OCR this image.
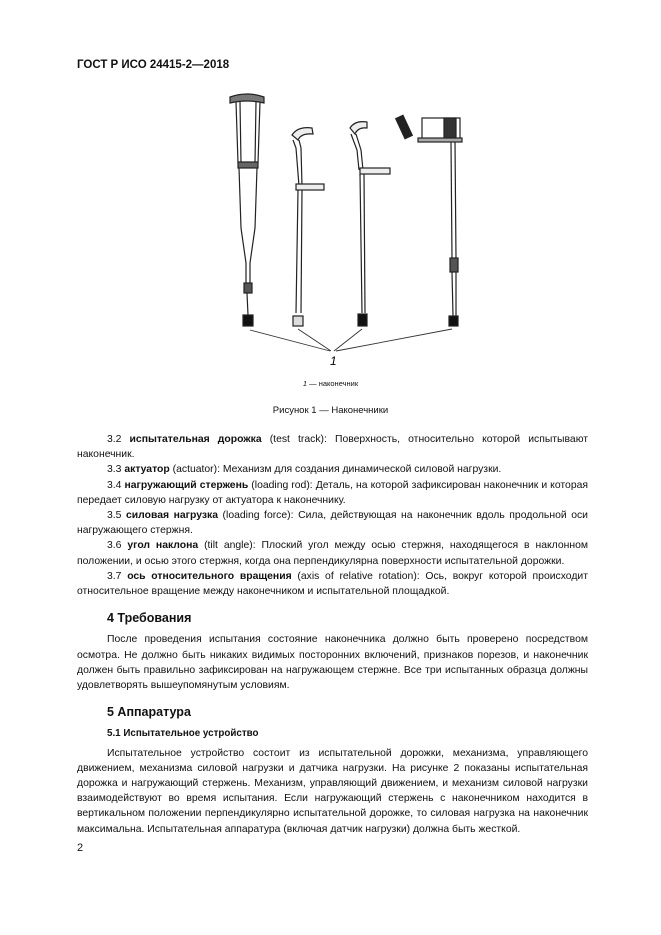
ГОСТ Р ИСО 24415-2—2018
1
1 — наконечник
Рисунок 1 — Наконечники

3.2 испытательная дорожка (test track): Поверхность, относительно которой испытывают наконечник.

3.3 актуатор (actuator): Механизм для создания динамической силовой нагрузки.

3.4 нагружающий стержень (loading rod): Деталь, на которой зафиксирован наконечник и которая передает силовую нагрузку от актуатора к наконечнику.

3.5 силовая нагрузка (loading force): Сила, действующая на наконечник вдоль продольной оси нагружающего стержня.

3.6 угол наклона (tilt angle): Плоский угол между осью стержня, находящегося в наклонном положении, и осью этого стержня, когда она перпендикулярна поверхности испытательной дорожки.

3.7 ось относительного вращения (axis of relative rotation): Ось, вокруг которой происходит относительное вращение между наконечником и испытательной площадкой.

4 Требования

После проведения испытания состояние наконечника должно быть проверено посредством осмотра. Не должно быть никаких видимых посторонних включений, признаков порезов, и наконечник должен быть правильно зафиксирован на нагружающем стержне. Все три испытанных образца должны удовлетворять вышеупомянутым условиям.

5 Аппаратура
5.1 Испытательное устройство

Испытательное устройство состоит из испытательной дорожки, механизма, управляющего движением, механизма силовой нагрузки и датчика нагрузки. На рисунке 2 показаны испытательная дорожка и нагружающий стержень. Механизм, управляющий движением, и механизм силовой нагрузки взаимодействуют во время испытания. Если нагружающий стержень с наконечником находится в вертикальном положении перпендикулярно испытательной дорожке, то силовая нагрузка на наконечник максимальна. Испытательная аппаратура (включая датчик нагрузки) должна быть жесткой.

2
